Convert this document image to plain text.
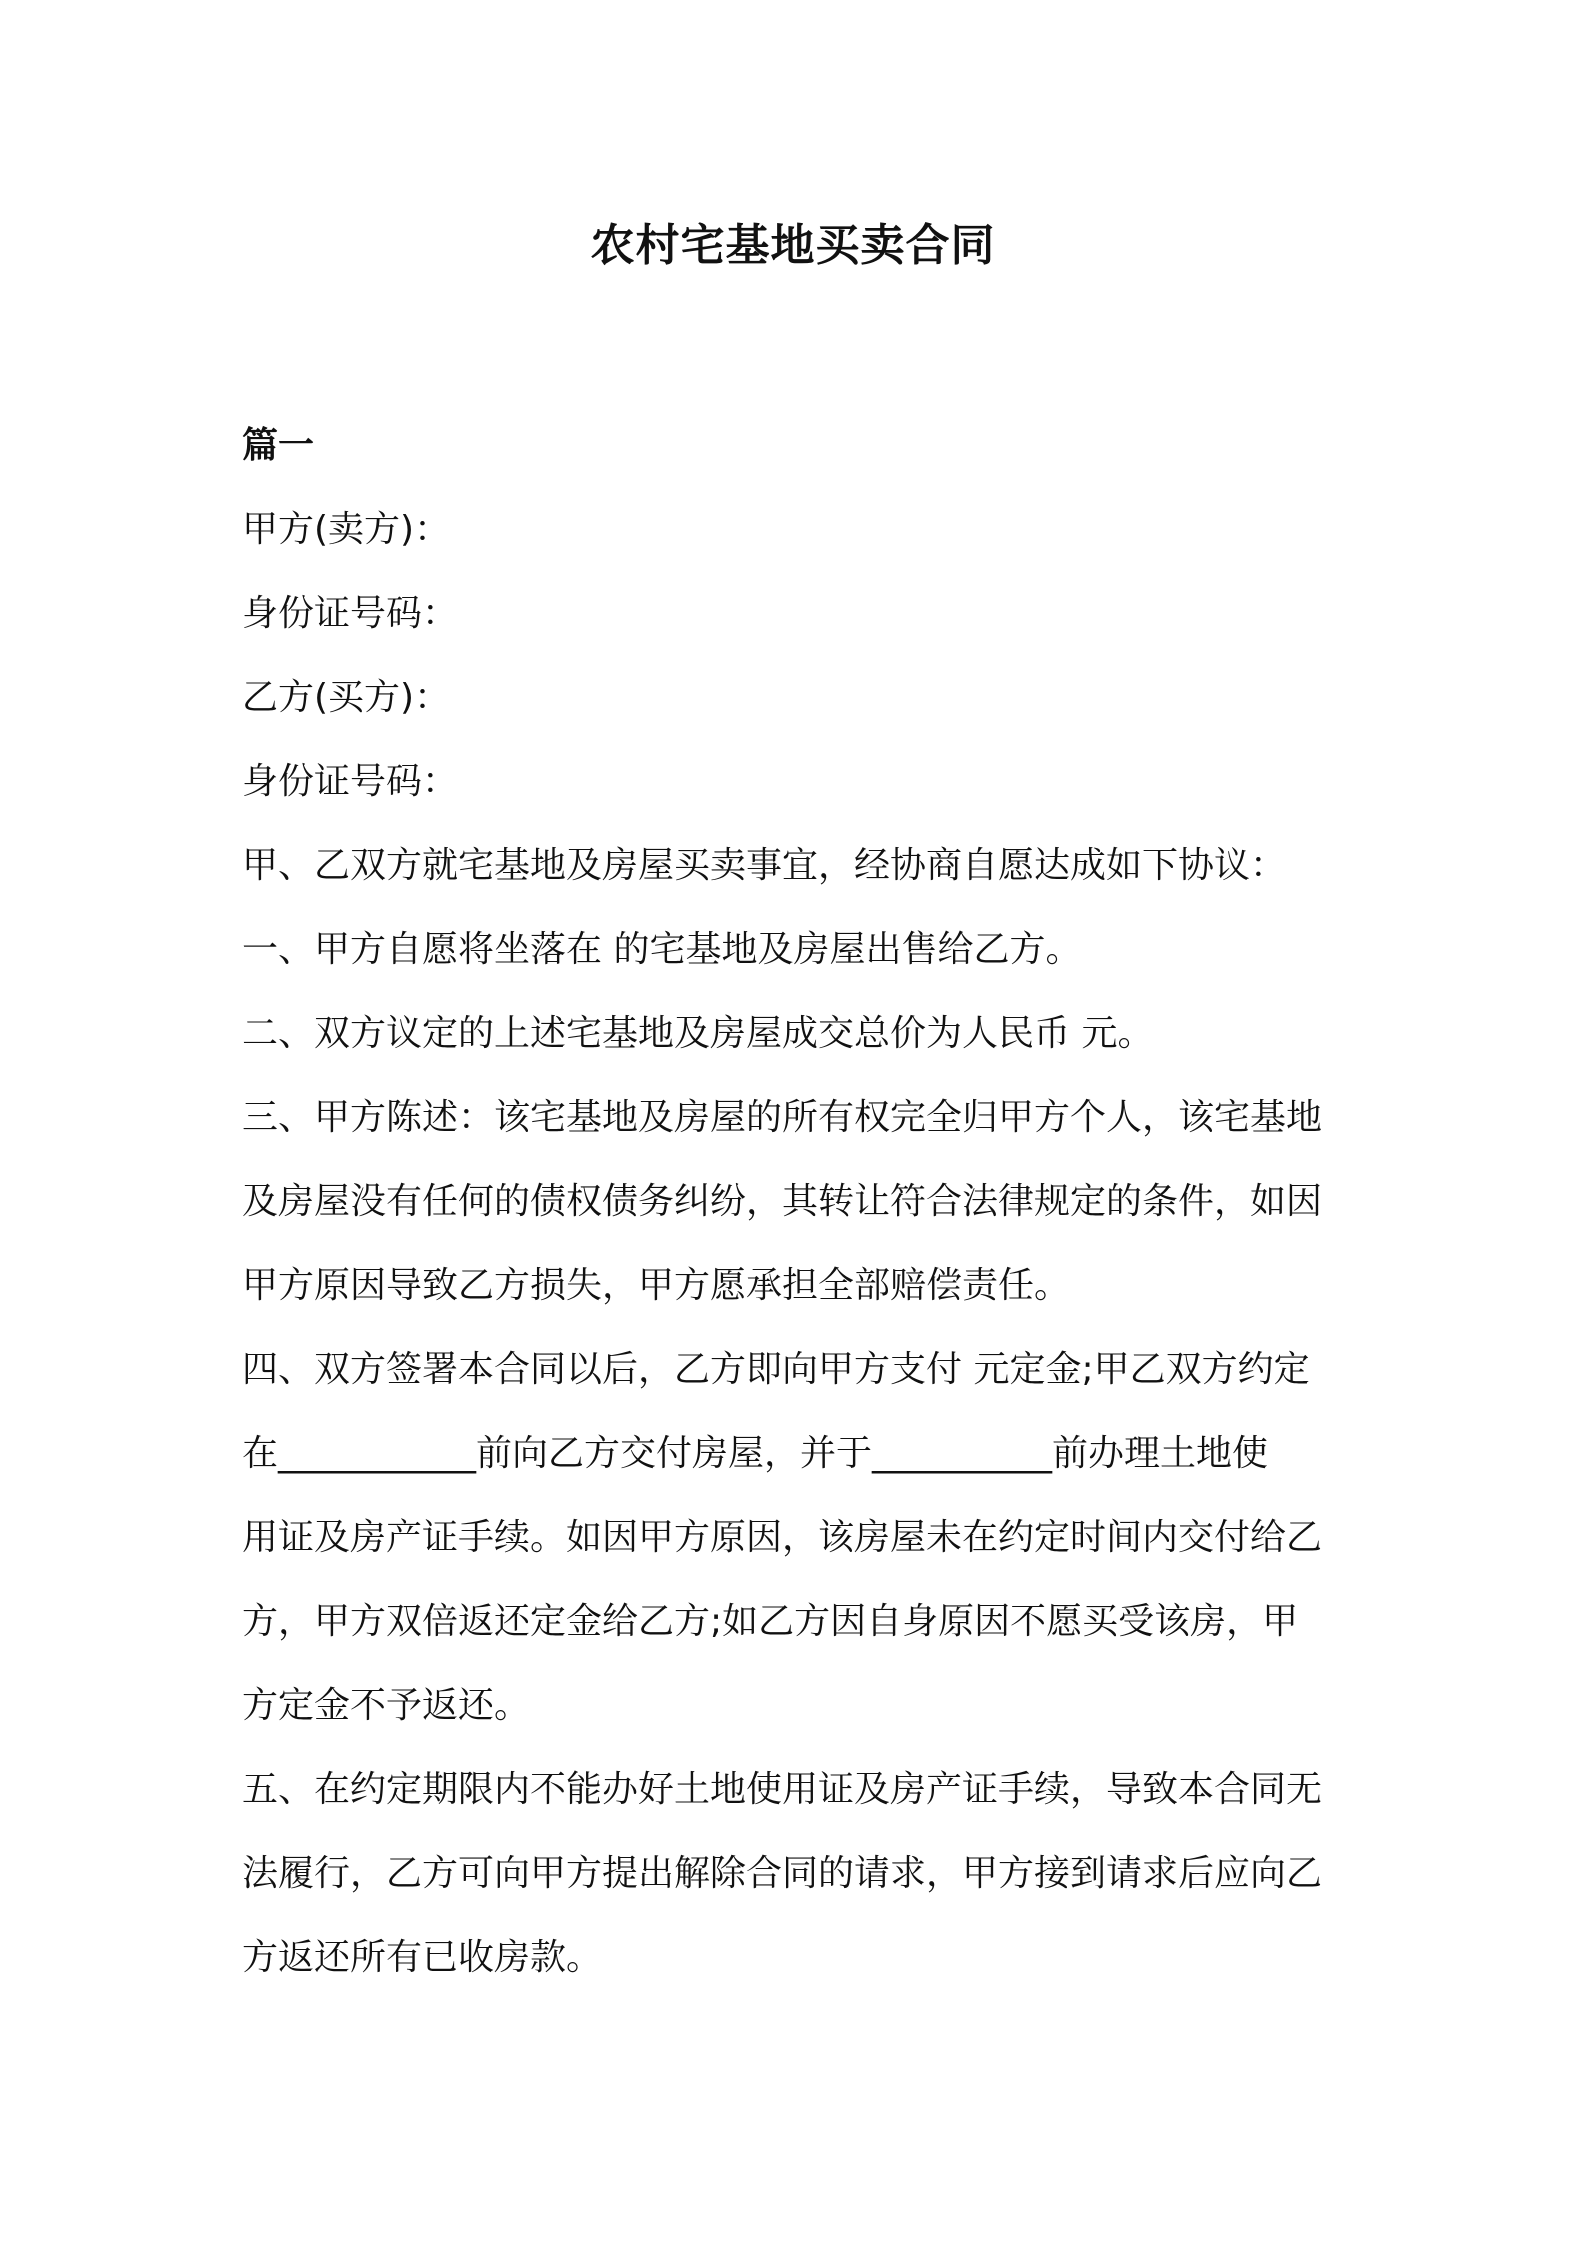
农村宅基地买卖合同

篇一

甲方(卖方)：

身份证号码：

乙方(买方)：

身份证号码：

甲、乙双方就宅基地及房屋买卖事宜，经协商自愿达成如下协议：

一、甲方自愿将坐落在 的宅基地及房屋出售给乙方。

二、双方议定的上述宅基地及房屋成交总价为人民币 元。

三、甲方陈述：该宅基地及房屋的所有权完全归甲方个人，该宅基地

及房屋没有任何的债权债务纠纷，其转让符合法律规定的条件，如因

甲方原因导致乙方损失，甲方愿承担全部赔偿责任。

四、双方签署本合同以后，乙方即向甲方支付 元定金;甲乙双方约定

在___________前向乙方交付房屋，并于__________前办理土地使

用证及房产证手续。如因甲方原因，该房屋未在约定时间内交付给乙

方，甲方双倍返还定金给乙方;如乙方因自身原因不愿买受该房，甲

方定金不予返还。

五、在约定期限内不能办好土地使用证及房产证手续，导致本合同无

法履行，乙方可向甲方提出解除合同的请求，甲方接到请求后应向乙

方返还所有已收房款。
